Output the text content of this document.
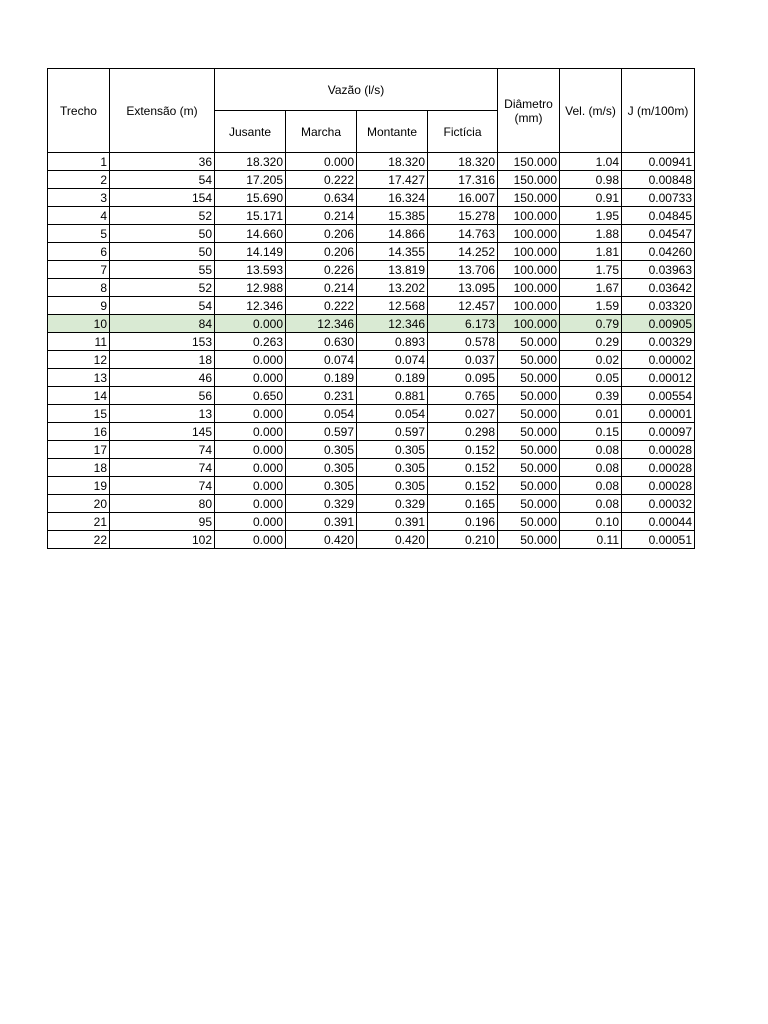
Trecho	Extensão (m)	Vazão (l/s)				Diâmetro (mm)	Vel. (m/s)	J (m/100m)
		Jusante	Marcha	Montante	Fictícia			
1	36	18.320	0.000	18.320	18.320	150.000	1.04	0.00941
2	54	17.205	0.222	17.427	17.316	150.000	0.98	0.00848
3	154	15.690	0.634	16.324	16.007	150.000	0.91	0.00733
4	52	15.171	0.214	15.385	15.278	100.000	1.95	0.04845
5	50	14.660	0.206	14.866	14.763	100.000	1.88	0.04547
6	50	14.149	0.206	14.355	14.252	100.000	1.81	0.04260
7	55	13.593	0.226	13.819	13.706	100.000	1.75	0.03963
8	52	12.988	0.214	13.202	13.095	100.000	1.67	0.03642
9	54	12.346	0.222	12.568	12.457	100.000	1.59	0.03320
10	84	0.000	12.346	12.346	6.173	100.000	0.79	0.00905
11	153	0.263	0.630	0.893	0.578	50.000	0.29	0.00329
12	18	0.000	0.074	0.074	0.037	50.000	0.02	0.00002
13	46	0.000	0.189	0.189	0.095	50.000	0.05	0.00012
14	56	0.650	0.231	0.881	0.765	50.000	0.39	0.00554
15	13	0.000	0.054	0.054	0.027	50.000	0.01	0.00001
16	145	0.000	0.597	0.597	0.298	50.000	0.15	0.00097
17	74	0.000	0.305	0.305	0.152	50.000	0.08	0.00028
18	74	0.000	0.305	0.305	0.152	50.000	0.08	0.00028
19	74	0.000	0.305	0.305	0.152	50.000	0.08	0.00028
20	80	0.000	0.329	0.329	0.165	50.000	0.08	0.00032
21	95	0.000	0.391	0.391	0.196	50.000	0.10	0.00044
22	102	0.000	0.420	0.420	0.210	50.000	0.11	0.00051
